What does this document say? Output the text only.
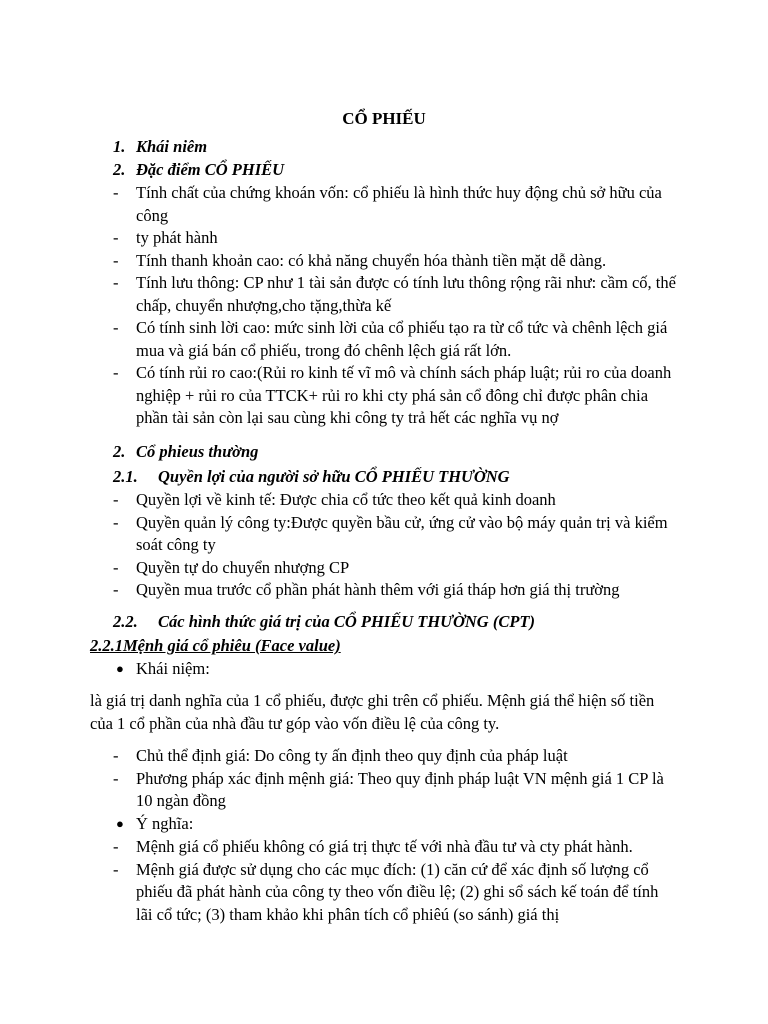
CỔ PHIẾU
1. Khái niêm
2. Đặc điểm CỔ PHIẾU
- Tính chất của chứng khoán vốn: cổ phiếu là hình thức huy động chủ sở hữu của công
- ty phát hành
- Tính thanh khoản cao: có khả năng chuyển hóa thành tiền mặt dễ dàng.
- Tính lưu thông: CP như 1 tài sản được có tính lưu thông rộng rãi như: cầm cố, thế chấp, chuyển nhượng,cho tặng,thừa kế
- Có tính sinh lời cao: mức sinh lời của cổ phiếu tạo ra từ cổ tức và chênh lệch giá mua và giá bán cổ phiếu, trong đó chênh lệch giá rất lớn.
- Có tính rủi ro cao:(Rủi ro kinh tế vĩ mô và chính sách pháp luật; rủi ro của doanh nghiệp + rủi ro của TTCK+ rủi ro khi cty phá sản cổ đông chỉ được phân chia phần tài sản còn lại sau cùng khi công ty trả hết các nghĩa vụ nợ
2. Cổ phieus thường
2.1. Quyền lợi của người sở hữu CỔ PHIẾU THƯỜNG
- Quyền lợi về kinh tế: Được chia cổ tức theo kết quả kinh doanh
- Quyền quản lý công ty:Được quyền bầu cử, ứng cử vào bộ máy quản trị và kiểm soát công ty
- Quyền tự do chuyển nhượng CP
- Quyền mua trước cổ phần phát hành thêm với giá tháp hơn giá thị trường
2.2. Các hình thức giá trị của CỔ PHIẾU THƯỜNG (CPT)
2.2.1Mệnh giá cổ phiêu (Face value)
● Khái niệm:
là giá trị danh nghĩa của 1 cổ phiếu, được ghi trên cổ phiếu. Mệnh giá thể hiện số tiền của 1 cổ phần của nhà đầu tư góp vào vốn điều lệ của công ty.
- Chủ thể định giá: Do công ty ấn định theo quy định của pháp luật
- Phương pháp xác định mệnh giá: Theo quy định pháp luật VN mệnh giá 1 CP là 10 ngàn đồng
● Ý nghĩa:
- Mệnh giá cổ phiếu không có giá trị thực tế với nhà đầu tư và cty phát hành.
- Mệnh giá được sử dụng cho các mục đích: (1) căn cứ để xác định số lượng cổ phiếu đã phát hành của công ty theo vốn điều lệ; (2) ghi sổ sách kế toán để tính lãi cổ tức; (3) tham khảo khi phân tích cổ phiêú (so sánh) giá thị
